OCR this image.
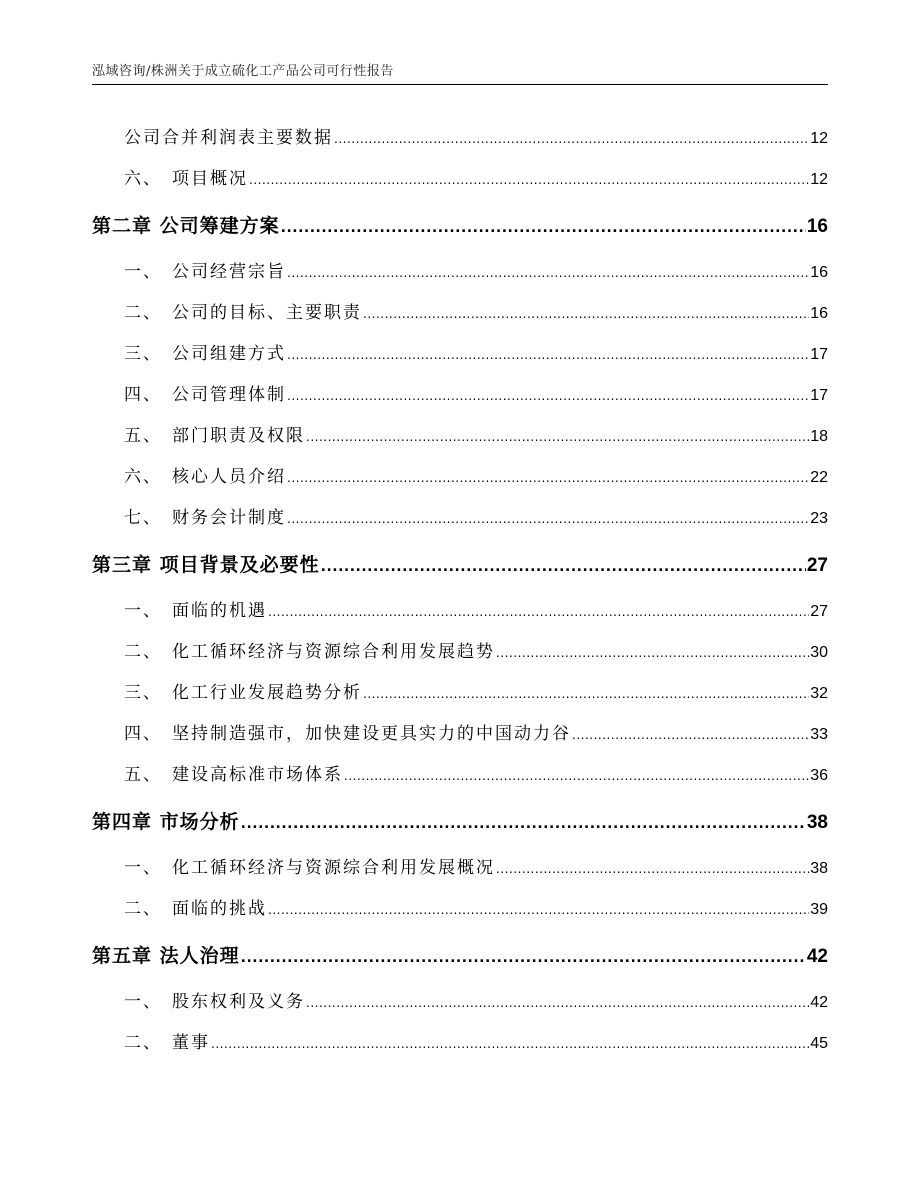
泓域咨询/株洲关于成立硫化工产品公司可行性报告
公司合并利润表主要数据 .....	12
六、 项目概况 .....	12
第二章 公司筹建方案 .....	16
一、 公司经营宗旨 .....	16
二、 公司的目标、主要职责 .....	16
三、 公司组建方式 .....	17
四、 公司管理体制 .....	17
五、 部门职责及权限 .....	18
六、 核心人员介绍 .....	22
七、 财务会计制度 .....	23
第三章 项目背景及必要性 .....	27
一、 面临的机遇 .....	27
二、 化工循环经济与资源综合利用发展趋势 .....	30
三、 化工行业发展趋势分析 .....	32
四、 坚持制造强市，加快建设更具实力的中国动力谷 .....	33
五、 建设高标准市场体系 .....	36
第四章 市场分析 .....	38
一、 化工循环经济与资源综合利用发展概况 .....	38
二、 面临的挑战 .....	39
第五章 法人治理 .....	42
一、 股东权利及义务 .....	42
二、 董事 .....	45
